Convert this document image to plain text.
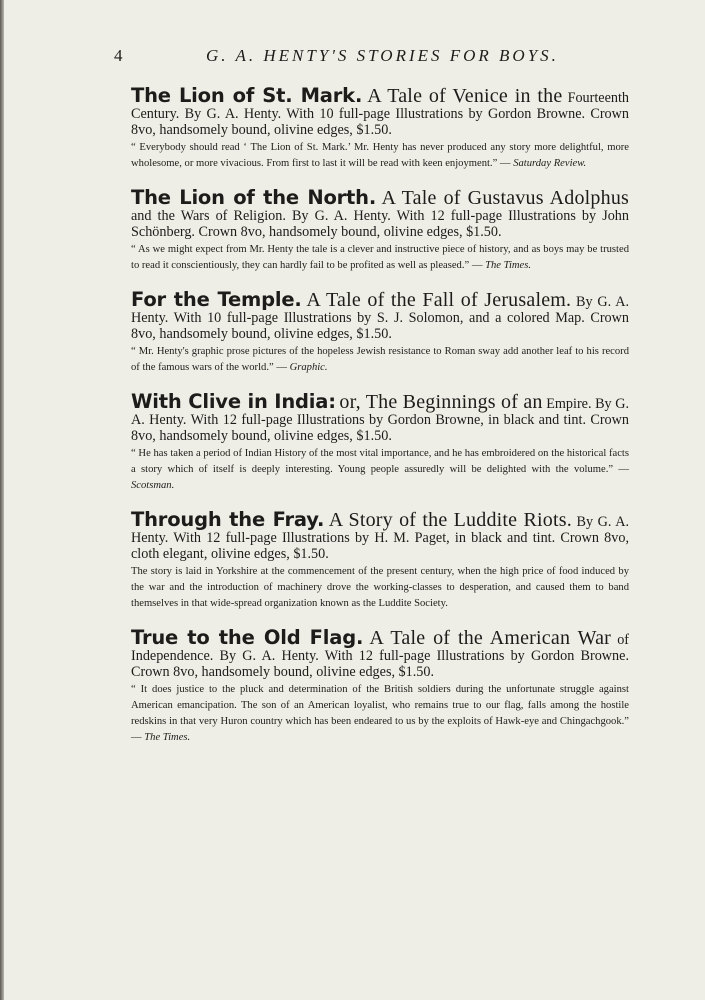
4	G. A. HENTY'S STORIES FOR BOYS.
The Lion of St. Mark. A Tale of Venice in the Fourteenth Century. By G. A. Henty. With 10 full-page Illustrations by Gordon Browne. Crown 8vo, handsomely bound, olivine edges, $1.50.
“ Everybody should read ‘ The Lion of St. Mark.’ Mr. Henty has never produced any story more delightful, more wholesome, or more vivacious. From first to last it will be read with keen enjoyment.” — Saturday Review.
The Lion of the North. A Tale of Gustavus Adolphus and the Wars of Religion. By G. A. Henty. With 12 full-page Illustrations by John Schönberg. Crown 8vo, handsomely bound, olivine edges, $1.50.
“ As we might expect from Mr. Henty the tale is a clever and instructive piece of history, and as boys may be trusted to read it conscientiously, they can hardly fail to be profited as well as pleased.” — The Times.
For the Temple. A Tale of the Fall of Jerusalem. By G. A. Henty. With 10 full-page Illustrations by S. J. Solomon, and a colored Map. Crown 8vo, handsomely bound, olivine edges, $1.50.
“ Mr. Henty's graphic prose pictures of the hopeless Jewish resistance to Roman sway add another leaf to his record of the famous wars of the world.” — Graphic.
With Clive in India: or, The Beginnings of an Empire. By G. A. Henty. With 12 full-page Illustrations by Gordon Browne, in black and tint. Crown 8vo, handsomely bound, olivine edges, $1.50.
“ He has taken a period of Indian History of the most vital importance, and he has embroidered on the historical facts a story which of itself is deeply interesting. Young people assuredly will be delighted with the volume.” — Scotsman.
Through the Fray. A Story of the Luddite Riots. By G. A. Henty. With 12 full-page Illustrations by H. M. Paget, in black and tint. Crown 8vo, cloth elegant, olivine edges, $1.50.
The story is laid in Yorkshire at the commencement of the present century, when the high price of food induced by the war and the introduction of machinery drove the working-classes to desperation, and caused them to band themselves in that wide-spread organization known as the Luddite Society.
True to the Old Flag. A Tale of the American War of Independence. By G. A. Henty. With 12 full-page Illustrations by Gordon Browne. Crown 8vo, handsomely bound, olivine edges, $1.50.
“ It does justice to the pluck and determination of the British soldiers during the unfortunate struggle against American emancipation. The son of an American loyalist, who remains true to our flag, falls among the hostile redskins in that very Huron country which has been endeared to us by the exploits of Hawk-eye and Chingachgook.” — The Times.
